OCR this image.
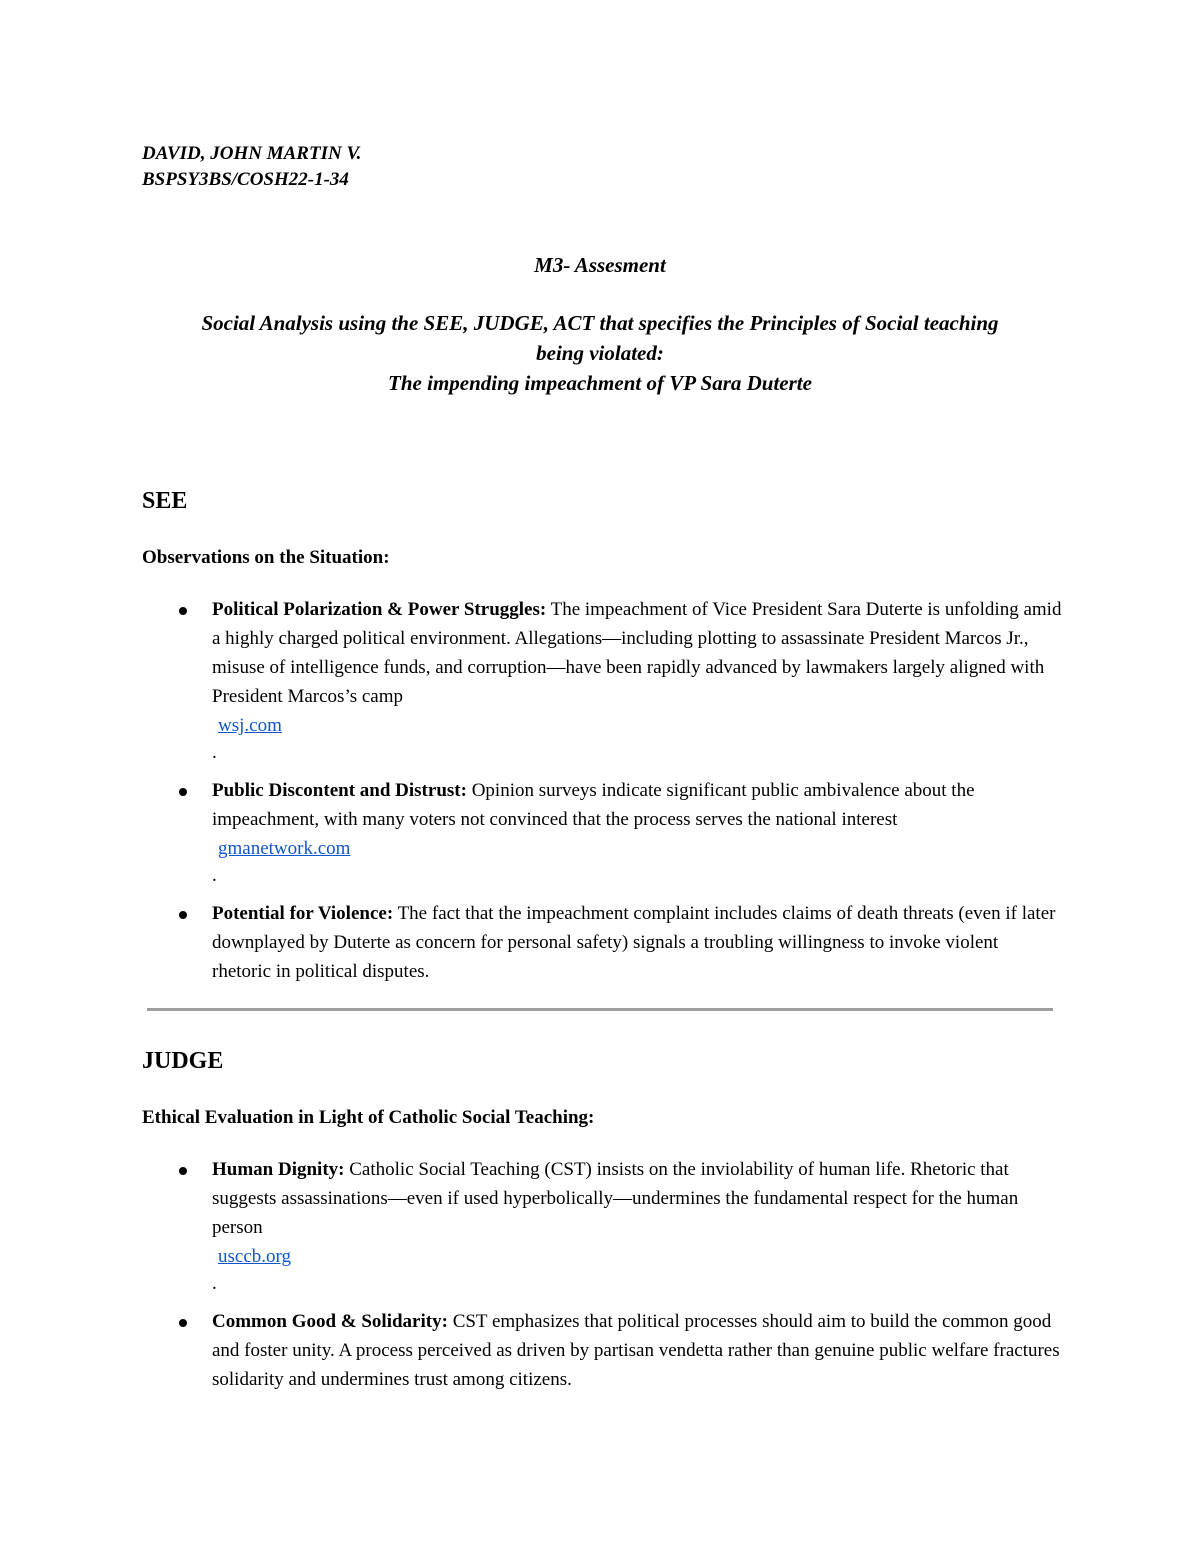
DAVID, JOHN MARTIN V.
BSPSY3BS/COSH22-1-34
M3- Assesment
Social Analysis using the SEE, JUDGE, ACT that specifies the Principles of Social teaching
being violated:
The impending impeachment of VP Sara Duterte
SEE
Observations on the Situation:
Political Polarization & Power Struggles: The impeachment of Vice President Sara Duterte is unfolding amid a highly charged political environment. Allegations—including plotting to assassinate President Marcos Jr., misuse of intelligence funds, and corruption—have been rapidly advanced by lawmakers largely aligned with President Marcos’s camp
wsj.com
.
Public Discontent and Distrust: Opinion surveys indicate significant public ambivalence about the impeachment, with many voters not convinced that the process serves the national interest
gmanetwork.com
.
Potential for Violence: The fact that the impeachment complaint includes claims of death threats (even if later downplayed by Duterte as concern for personal safety) signals a troubling willingness to invoke violent rhetoric in political disputes.
JUDGE
Ethical Evaluation in Light of Catholic Social Teaching:
Human Dignity: Catholic Social Teaching (CST) insists on the inviolability of human life. Rhetoric that suggests assassinations—even if used hyperbolically—undermines the fundamental respect for the human person
usccb.org
.
Common Good & Solidarity: CST emphasizes that political processes should aim to build the common good and foster unity. A process perceived as driven by partisan vendetta rather than genuine public welfare fractures solidarity and undermines trust among citizens.
